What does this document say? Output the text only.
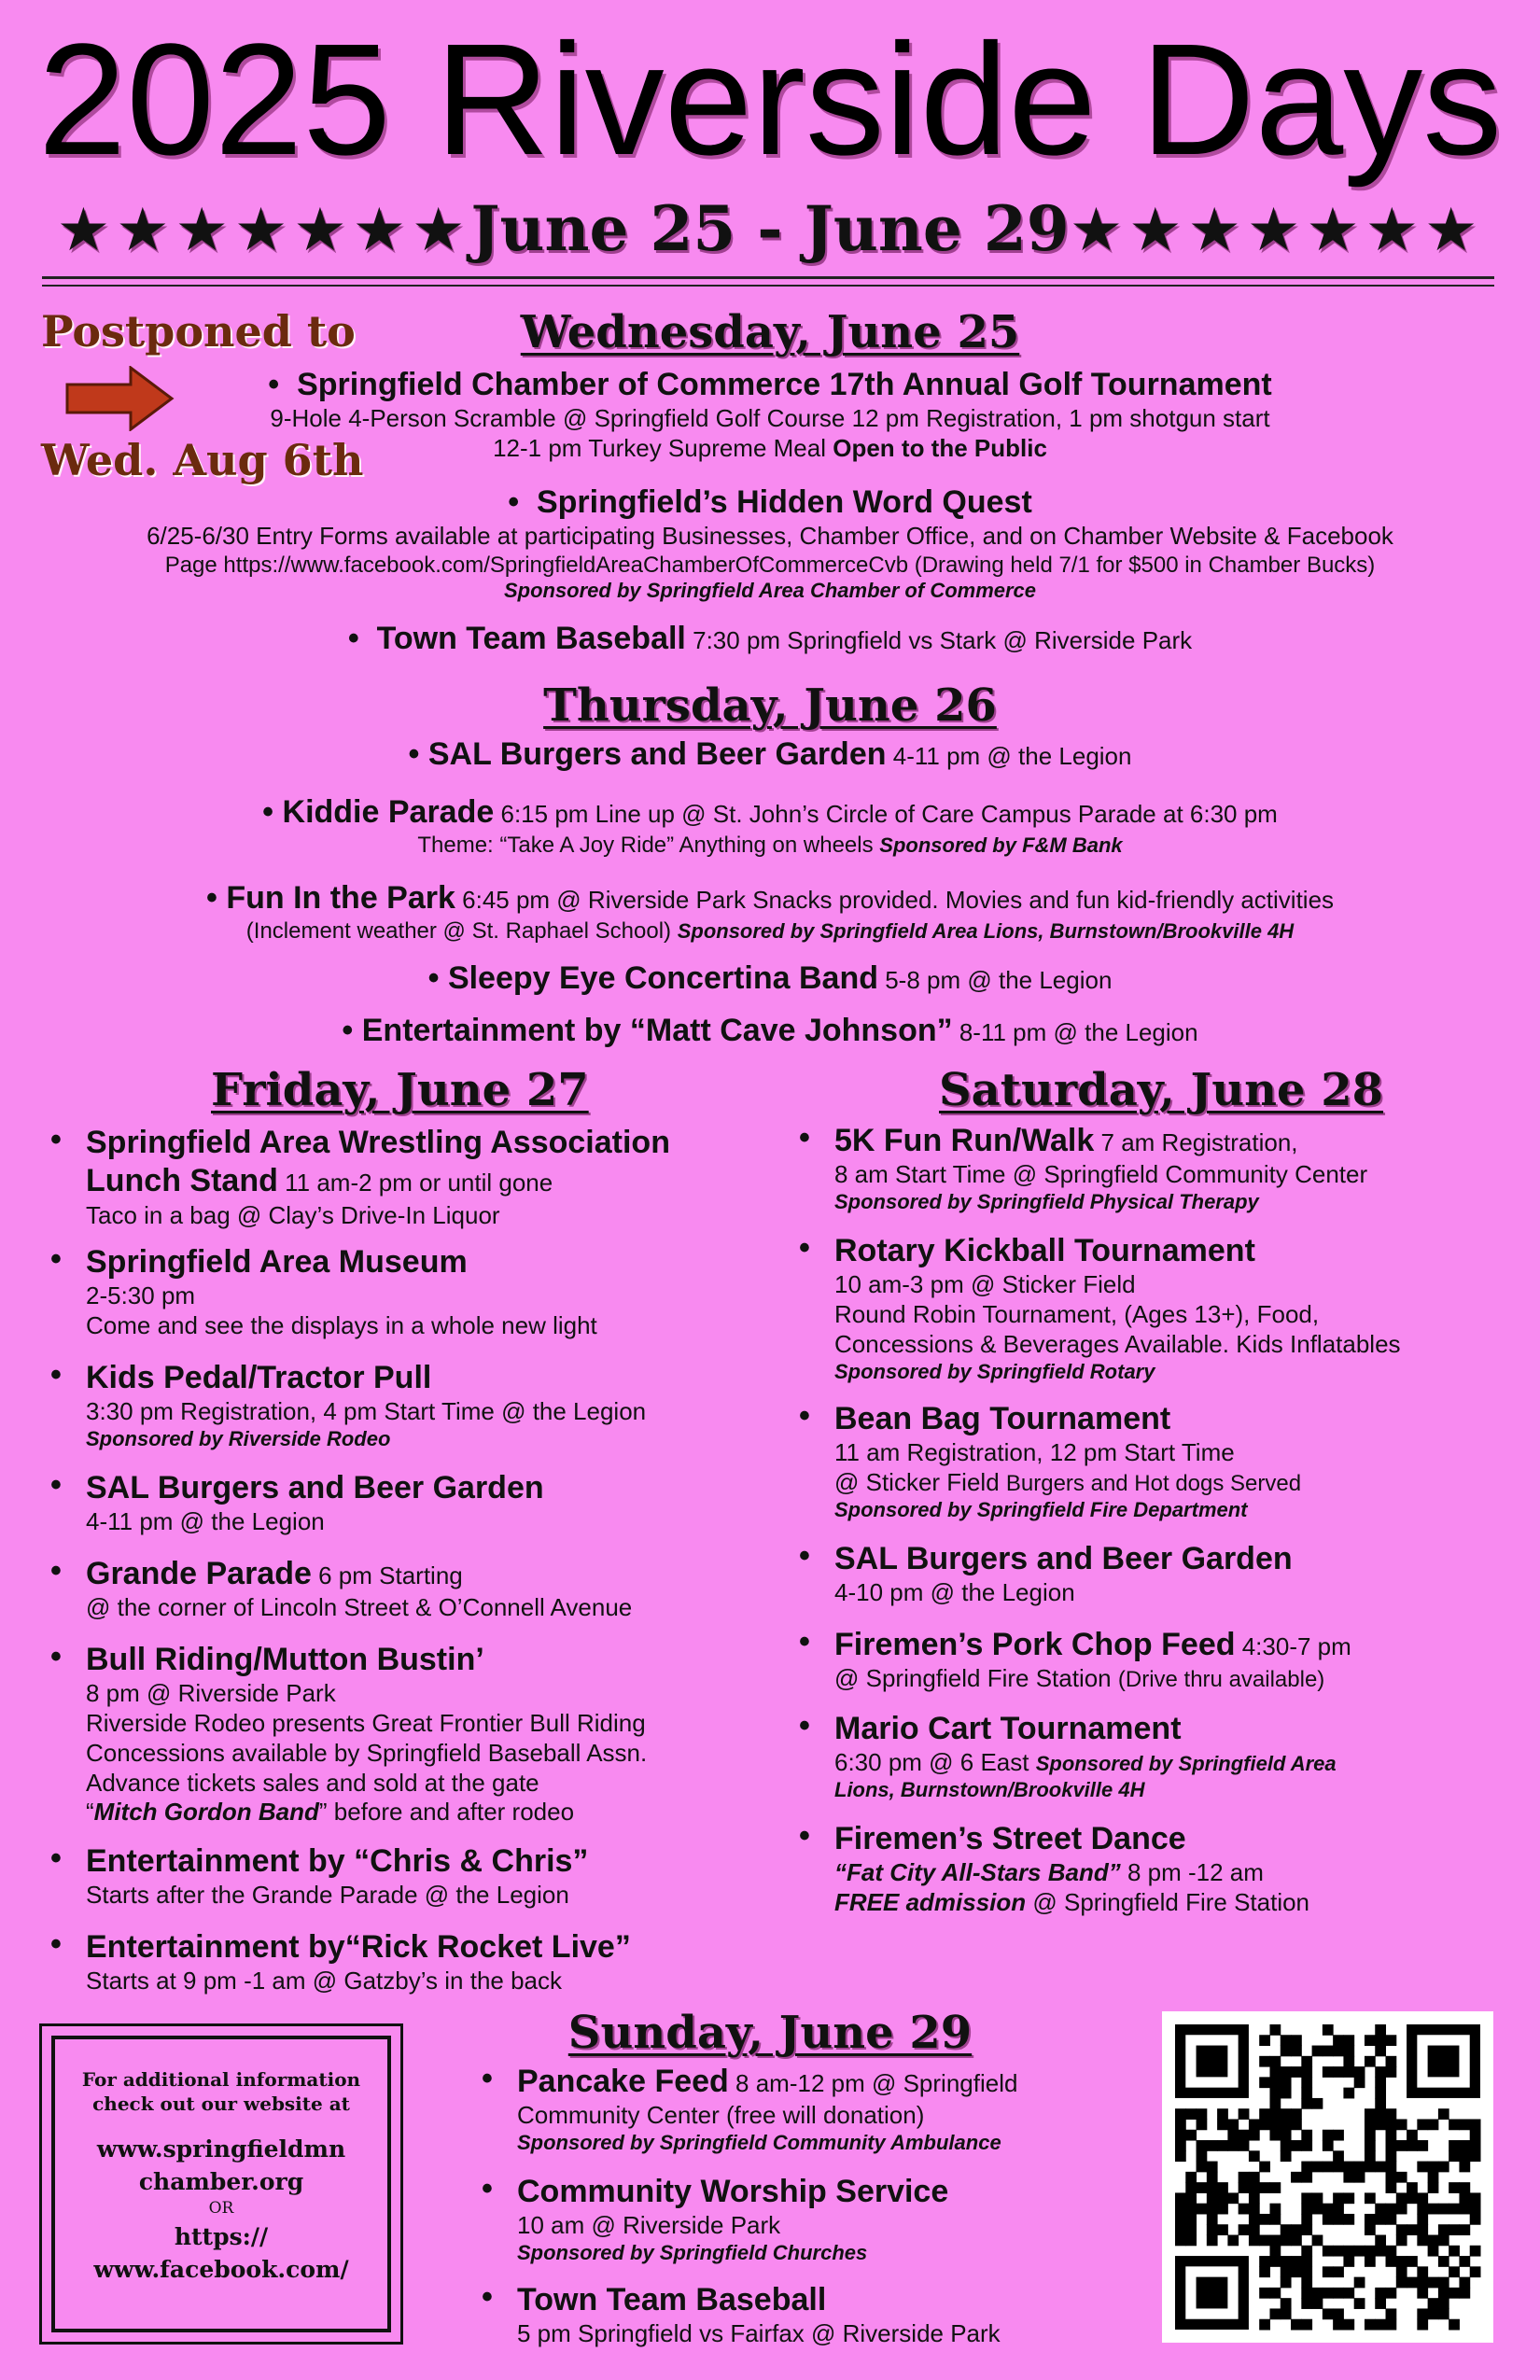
2025 Riverside Days
★★★★★★★June 25 - June 29★★★★★★★
Postponed to
Wed. Aug 6th
Wednesday, June 25
•  Springfield Chamber of Commerce 17th Annual Golf Tournament
9-Hole 4-Person Scramble @ Springfield Golf Course 12 pm Registration, 1 pm shotgun start
12-1 pm Turkey Supreme Meal Open to the Public
•  Springfield’s Hidden Word Quest
6/25-6/30 Entry Forms available at participating Businesses, Chamber Office, and on Chamber Website & Facebook
Page https://www.facebook.com/SpringfieldAreaChamberOfCommerceCvb (Drawing held 7/1 for $500 in Chamber Bucks)
Sponsored by Springfield Area Chamber of Commerce
•  Town Team Baseball 7:30 pm Springfield vs Stark @ Riverside Park
Thursday, June 26
• SAL Burgers and Beer Garden 4-11 pm @ the Legion
• Kiddie Parade 6:15 pm Line up @ St. John’s Circle of Care Campus Parade at 6:30 pm
Theme: “Take A Joy Ride” Anything on wheels Sponsored by F&M Bank
• Fun In the Park 6:45 pm @ Riverside Park Snacks provided. Movies and fun kid-friendly activities
(Inclement weather @ St. Raphael School) Sponsored by Springfield Area Lions, Burnstown/Brookville 4H
• Sleepy Eye Concertina Band 5-8 pm @ the Legion
• Entertainment by “Matt Cave Johnson” 8-11 pm @ the Legion
Friday, June 27
• Springfield Area Wrestling Association
Lunch Stand 11 am-2 pm or until gone
Taco in a bag @ Clay’s Drive-In Liquor
• Springfield Area Museum
2-5:30 pm
Come and see the displays in a whole new light
• Kids Pedal/Tractor Pull
3:30 pm Registration, 4 pm Start Time @ the Legion
Sponsored by Riverside Rodeo
• SAL Burgers and Beer Garden
4-11 pm @ the Legion
• Grande Parade 6 pm Starting
@ the corner of Lincoln Street & O’Connell Avenue
• Bull Riding/Mutton Bustin’
8 pm @ Riverside Park
Riverside Rodeo presents Great Frontier Bull Riding
Concessions available by Springfield Baseball Assn.
Advance tickets sales and sold at the gate
“Mitch Gordon Band” before and after rodeo
• Entertainment by “Chris & Chris”
Starts after the Grande Parade @ the Legion
• Entertainment by“Rick Rocket Live”
Starts at 9 pm -1 am @ Gatzby’s in the back
Saturday, June 28
• 5K Fun Run/Walk 7 am Registration,
8 am Start Time @ Springfield Community Center
Sponsored by Springfield Physical Therapy
• Rotary Kickball Tournament
10 am-3 pm @ Sticker Field
Round Robin Tournament, (Ages 13+), Food,
Concessions & Beverages Available. Kids Inflatables
Sponsored by Springfield Rotary
• Bean Bag Tournament
11 am Registration, 12 pm Start Time
@ Sticker Field Burgers and Hot dogs Served
Sponsored by Springfield Fire Department
• SAL Burgers and Beer Garden
4-10 pm @ the Legion
• Firemen’s Pork Chop Feed 4:30-7 pm
@ Springfield Fire Station (Drive thru available)
• Mario Cart Tournament
6:30 pm @ 6 East Sponsored by Springfield Area
Lions, Burnstown/Brookville 4H
• Firemen’s Street Dance
“Fat City All-Stars Band” 8 pm -12 am
FREE admission @ Springfield Fire Station
Sunday, June 29
• Pancake Feed 8 am-12 pm @ Springfield
Community Center (free will donation)
Sponsored by Springfield Community Ambulance
• Community Worship Service
10 am @ Riverside Park
Sponsored by Springfield Churches
• Town Team Baseball
5 pm Springfield vs Fairfax @ Riverside Park
For additional information
check out our website at
www.springfieldmn
chamber.org
OR
https://
www.facebook.com/
